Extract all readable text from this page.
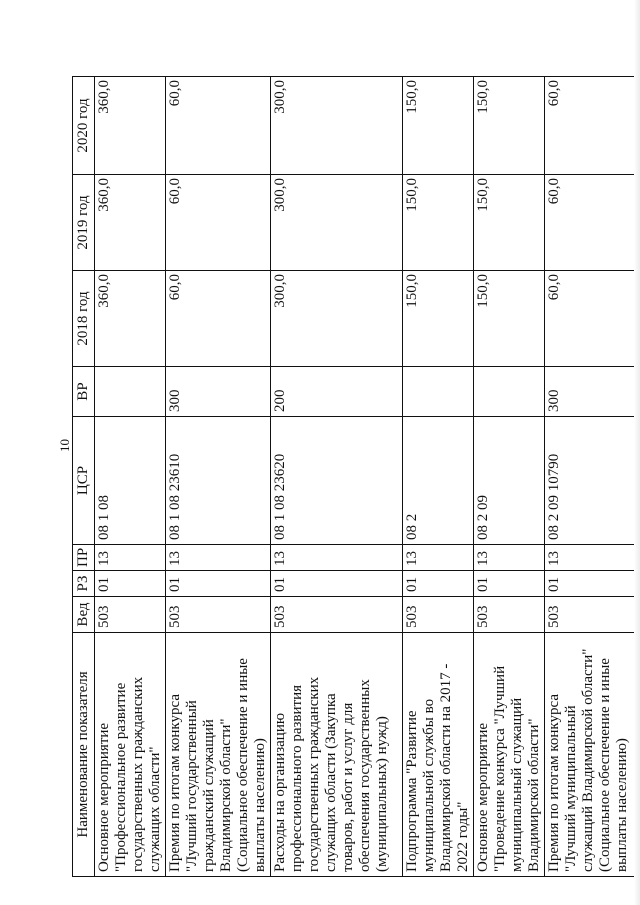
10
Наименование показателя	Вед	РЗ	ПР	ЦСР	ВР	2018 год	2019 год	2020 год
Основное мероприятие "Профессиональное развитие государственных гражданских служащих области"	503	01	13	08 1 08		360,0	360,0	360,0
Премия по итогам конкурса "Лучший государственный гражданский служащий Владимирской области" (Социальное обеспечение и иные выплаты населению)	503	01	13	08 1 08 23610	300	60,0	60,0	60,0
Расходы на организацию профессионального развития государственных гражданских служащих области (Закупка товаров, работ и услуг для обеспечения государственных (муниципальных) нужд)	503	01	13	08 1 08 23620	200	300,0	300,0	300,0
Подпрограмма "Развитие муниципальной службы во Владимирской области на 2017 - 2022 годы"	503	01	13	08 2		150,0	150,0	150,0
Основное мероприятие "Проведение конкурса "Лучший муниципальный служащий Владимирской области"	503	01	13	08 2 09		150,0	150,0	150,0
Премия по итогам конкурса "Лучший муниципальный служащий Владимирской области" (Социальное обеспечение и иные выплаты населению)	503	01	13	08 2 09 10790	300	60,0	60,0	60,0
